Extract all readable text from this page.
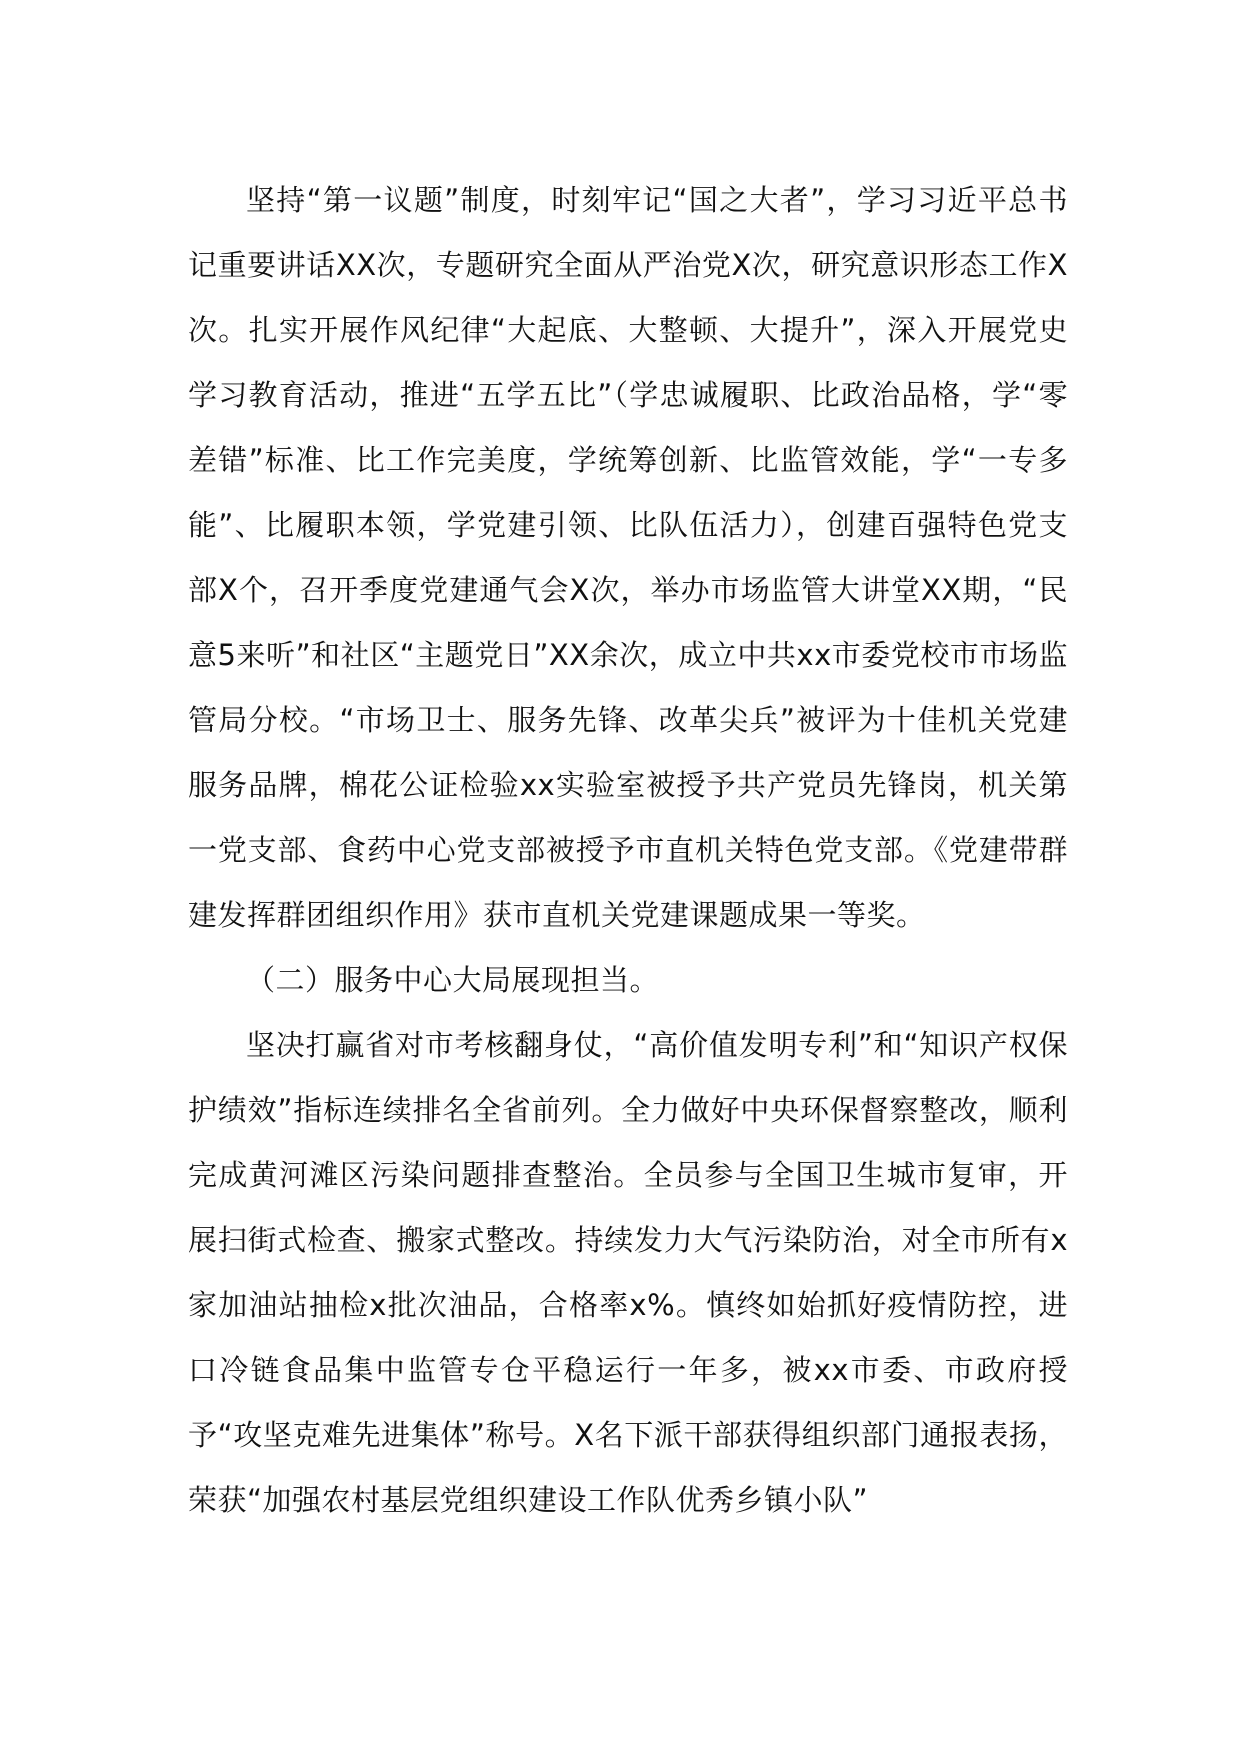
坚持“第一议题”制度，时刻牢记“国之大者”，学习习近平总书记重要讲话XX次，专题研究全面从严治党X次，研究意识形态工作X次。扎实开展作风纪律“大起底、大整顿、大提升”，深入开展党史学习教育活动，推进“五学五比”（学忠诚履职、比政治品格，学“零差错”标准、比工作完美度，学统筹创新、比监管效能，学“一专多能”、比履职本领，学党建引领、比队伍活力），创建百强特色党支部X个，召开季度党建通气会X次，举办市场监管大讲堂XX期，“民意5来听”和社区“主题党日”XX余次，成立中共xx市委党校市市场监管局分校。“市场卫士、服务先锋、改革尖兵”被评为十佳机关党建服务品牌，棉花公证检验xx实验室被授予共产党员先锋岗，机关第一党支部、食药中心党支部被授予市直机关特色党支部。《党建带群建发挥群团组织作用》获市直机关党建课题成果一等奖。

（二）服务中心大局展现担当。

坚决打赢省对市考核翻身仗，“高价值发明专利”和“知识产权保护绩效”指标连续排名全省前列。全力做好中央环保督察整改，顺利完成黄河滩区污染问题排查整治。全员参与全国卫生城市复审，开展扫街式检查、搬家式整改。持续发力大气污染防治，对全市所有x家加油站抽检x批次油品，合格率x%。慎终如始抓好疫情防控，进口冷链食品集中监管专仓平稳运行一年多，被xx市委、市政府授予“攻坚克难先进集体”称号。X名下派干部获得组织部门通报表扬，荣获“加强农村基层党组织建设工作队优秀乡镇小队”
